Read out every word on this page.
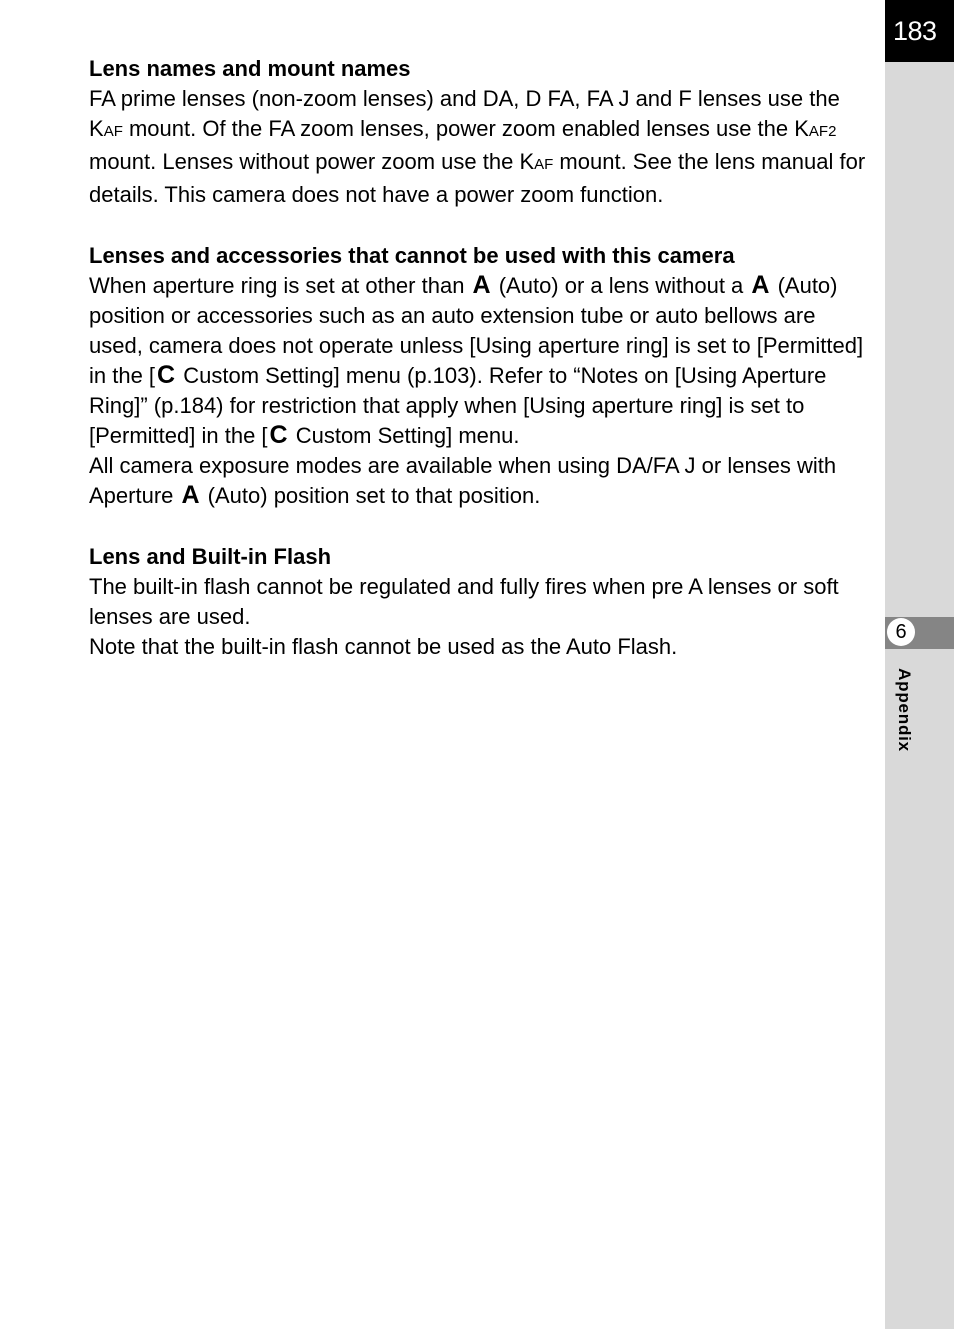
183
6
Appendix
Lens names and mount names
FA prime lenses (non-zoom lenses) and DA, D FA, FA J and F lenses use the KAF mount. Of the FA zoom lenses, power zoom enabled lenses use the KAF2 mount. Lenses without power zoom use the KAF mount. See the lens manual for details. This camera does not have a power zoom function.
Lenses and accessories that cannot be used with this camera
When aperture ring is set at other than A (Auto) or a lens without a A (Auto) position or accessories such as an auto extension tube or auto bellows are used, camera does not operate unless [Using aperture ring] is set to [Permitted] in the [C Custom Setting] menu (p.103). Refer to “Notes on [Using Aperture Ring]” (p.184) for restriction that apply when [Using aperture ring] is set to [Permitted] in the [C Custom Setting] menu.
All camera exposure modes are available when using DA/FA J or lenses with Aperture A (Auto) position set to that position.
Lens and Built-in Flash
The built-in flash cannot be regulated and fully fires when pre A lenses or soft lenses are used.
Note that the built-in flash cannot be used as the Auto Flash.
